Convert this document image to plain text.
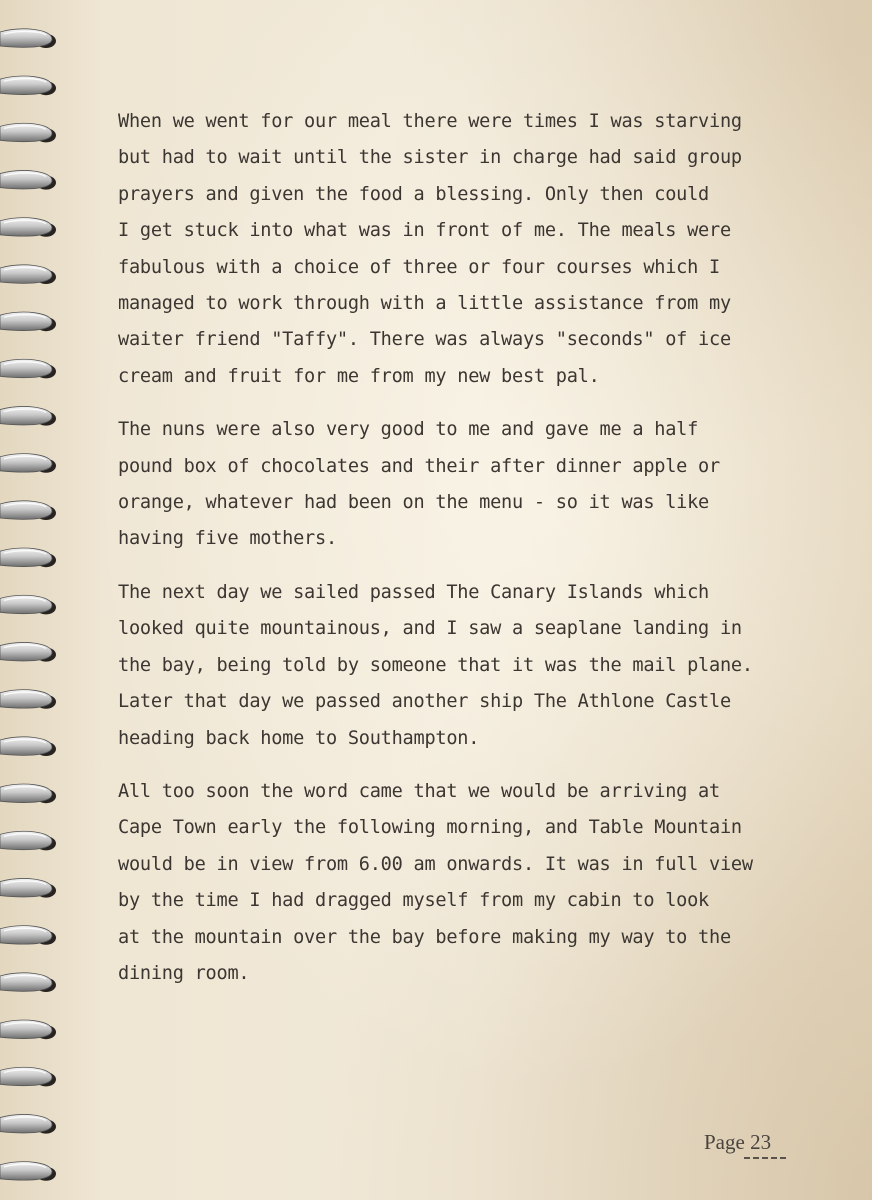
When we went for our meal there were times I was starving
but had to wait until the sister in charge had said group
prayers and given the food a blessing. Only then could
I get stuck into what was in front of me. The meals were
fabulous with a choice of three or four courses which I
managed to work through with a little assistance from my
waiter friend "Taffy". There was always "seconds" of ice
cream and fruit for me from my new best pal.

The nuns were also very good to me and gave me a half
pound box of chocolates and their after dinner apple or
orange, whatever had been on the menu - so it was like
having five mothers.

The next day we sailed passed The Canary Islands which
looked quite mountainous, and I saw a seaplane landing in
the bay, being told by someone that it was the mail plane.
Later that day we passed another ship The Athlone Castle
heading back home to Southampton.

All too soon the word came that we would be arriving at
Cape Town early the following morning, and Table Mountain
would be in view from 6.00 am onwards. It was in full view
by the time I had dragged myself from my cabin to look
at the mountain over the bay before making my way to the
dining room.

Page 23
